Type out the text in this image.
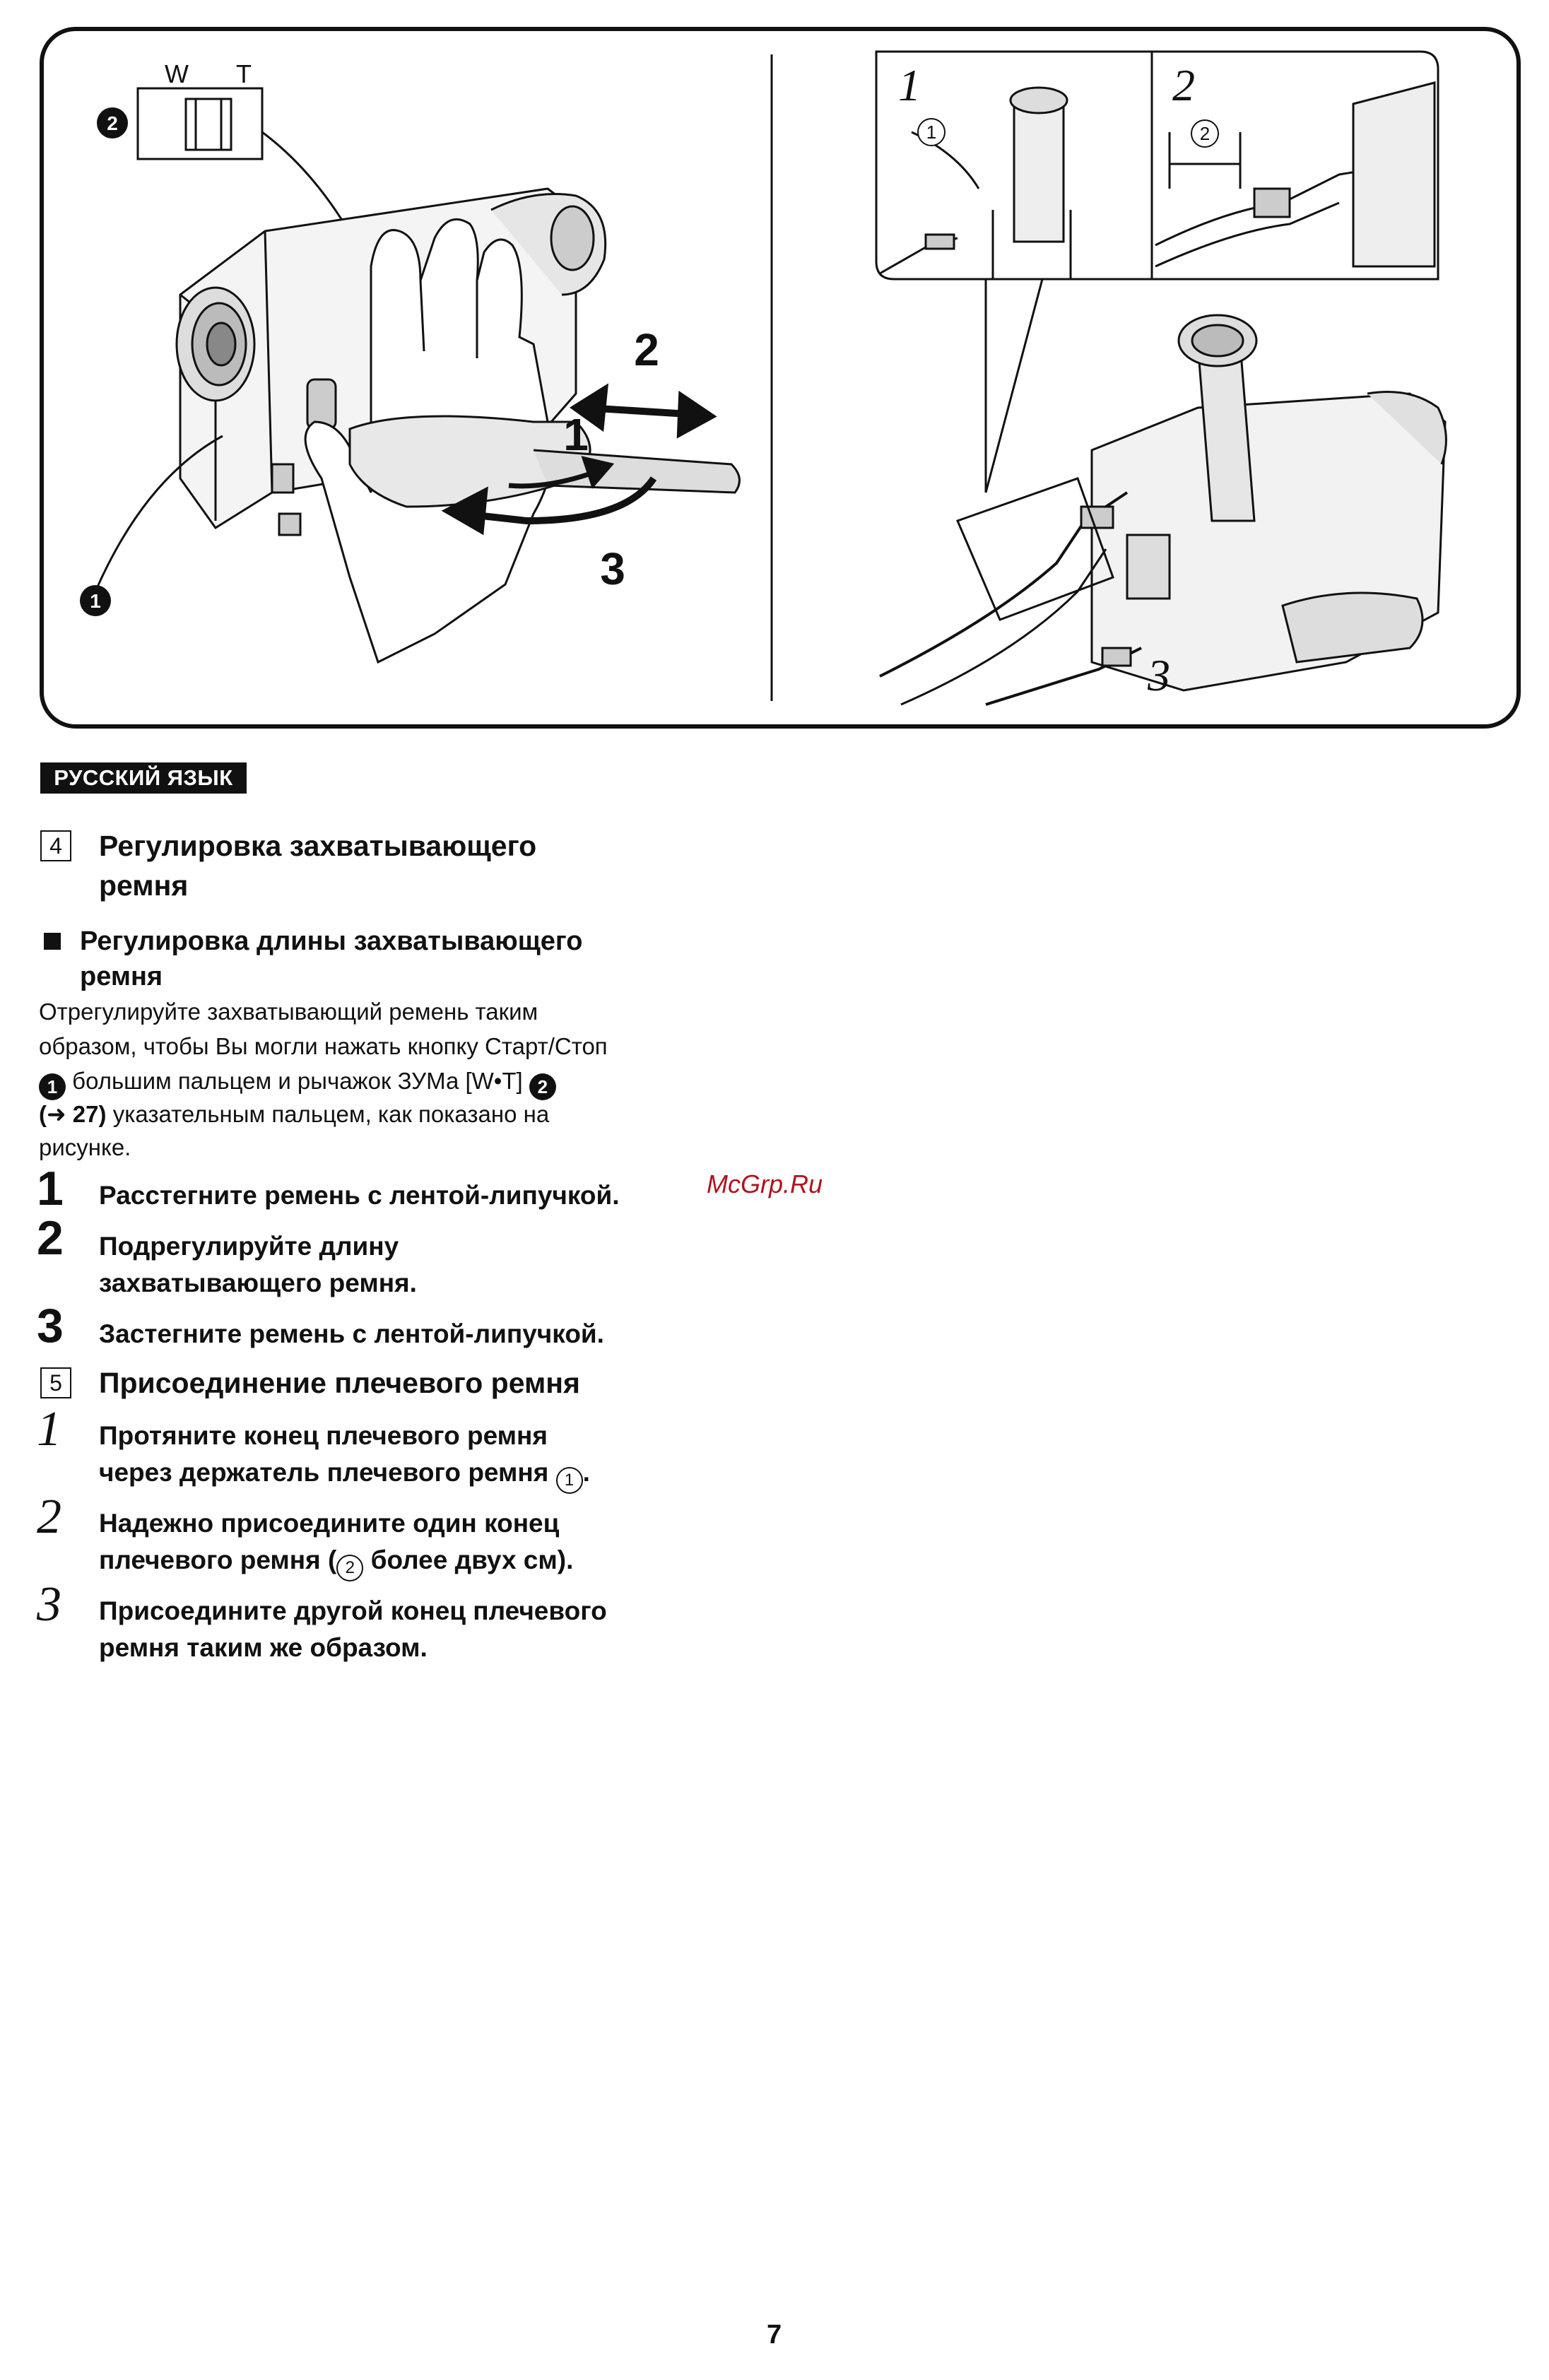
2
W T
1
1
2
3
1	2
1	2
3
РУССКИЙ ЯЗЫК
4	Регулировка захватывающего
ремня
Регулировка длины захватывающего
ремня
Отрегулируйте захватывающий ремень таким
образом, чтобы Вы могли нажать кнопку Старт/Стоп
1 большим пальцем и рычажок ЗУМа [W•T] 2
(➜ 27) указательным пальцем, как показано на
рисунке.
1 Расстегните ремень с лентой-липучкой.
2 Подрегулируйте длину
захватывающего ремня.
3 Застегните ремень с лентой-липучкой.
5	Присоединение плечевого ремня
1 Протяните конец плечевого ремня
через держатель плечевого ремня 1 .
2 Надежно присоедините один конец
плечевого ремня ( 2 более двух см).
3 Присоедините другой конец плечевого
ремня таким же образом.
McGrp.Ru
7
